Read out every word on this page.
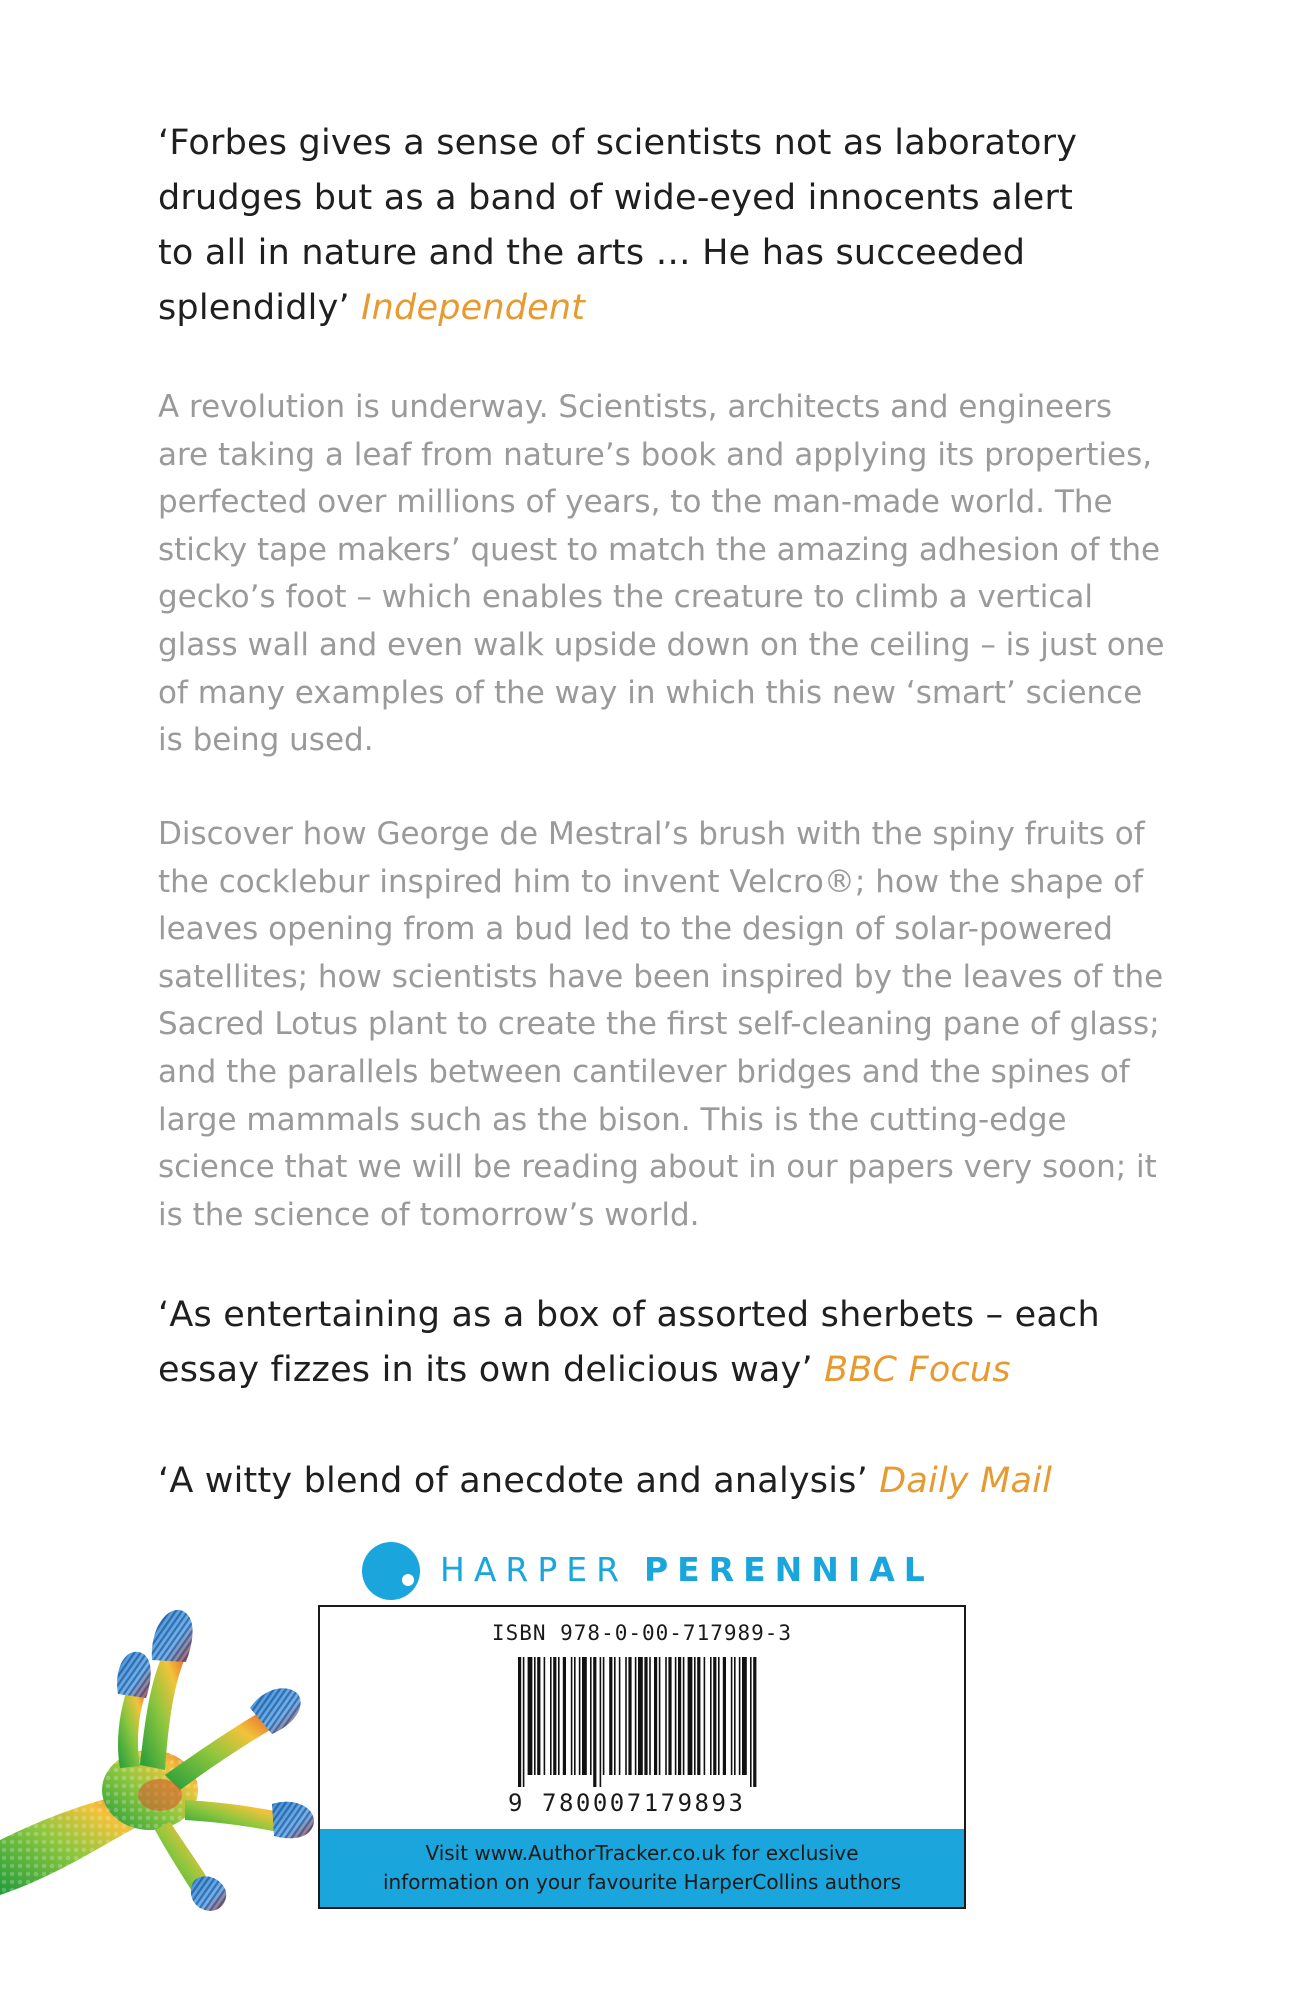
‘Forbes gives a sense of scientists not as laboratory drudges but as a band of wide-eyed innocents alert to all in nature and the arts … He has succeeded splendidly’ Independent
A revolution is underway. Scientists, architects and engineers are taking a leaf from nature’s book and applying its properties, perfected over millions of years, to the man-made world. The sticky tape makers’ quest to match the amazing adhesion of the gecko’s foot – which enables the creature to climb a vertical glass wall and even walk upside down on the ceiling – is just one of many examples of the way in which this new ‘smart’ science is being used.
Discover how George de Mestral’s brush with the spiny fruits of the cocklebur inspired him to invent Velcro®; how the shape of leaves opening from a bud led to the design of solar-powered satellites; how scientists have been inspired by the leaves of the Sacred Lotus plant to create the first self-cleaning pane of glass; and the parallels between cantilever bridges and the spines of large mammals such as the bison. This is the cutting-edge science that we will be reading about in our papers very soon; it is the science of tomorrow’s world.
‘As entertaining as a box of assorted sherbets – each essay fizzes in its own delicious way’ BBC Focus
‘A witty blend of anecdote and analysis’ Daily Mail
HARPER PERENNIAL
ISBN 978-0-00-717989-3
9 780007179893
Visit www.AuthorTracker.co.uk for exclusive
information on your favourite HarperCollins authors
